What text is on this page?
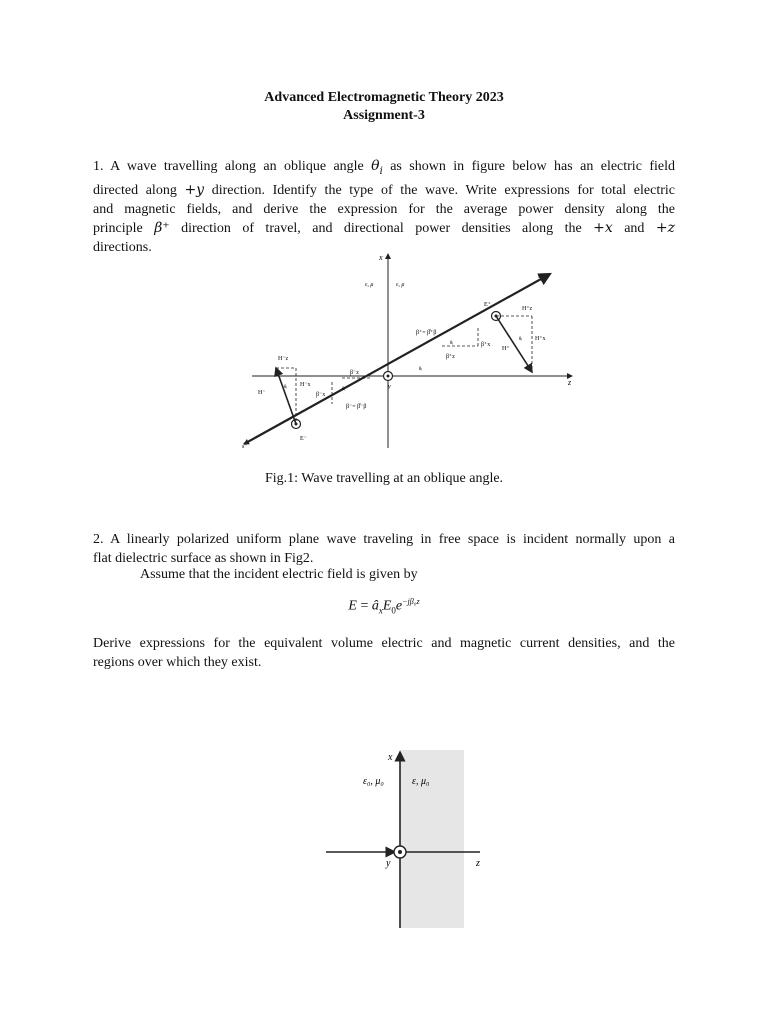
Advanced Electromagnetic Theory 2023
Assignment-3
1. A wave travelling along an oblique angle $\theta_i$ as shown in figure below has an electric field
directed along +y direction. Identify the type of the wave. Write expressions for total electric
and magnetic fields, and derive the expression for the average power density along the
principle β⁺ direction of travel, and directional power densities along the +x and +z
directions.
x
z
ε, μ	ε, μ
s⁺
s⁻
y
E⁺
H⁺
H⁺z
H⁺x
θᵢ
β⁺= β̂⁺β
β⁺x
β⁺z
θᵢ
θᵢ
E⁻
H⁻
H⁻z
H⁻x
θᵢ
β⁻z
β⁻x
β⁻= β̂⁻β
θᵢ
Fig.1: Wave travelling at an oblique angle.
2. A linearly polarized uniform plane wave traveling in free space is incident normally upon a
flat dielectric surface as shown in Fig2.
Assume that the incident electric field is given by
$E = â_xE_0e^{-j\beta_0z}$
Derive expressions for the equivalent volume electric and magnetic current densities, and the
regions over which they exist.
x
z
y
ε₀, μ₀	ε, μ₀
